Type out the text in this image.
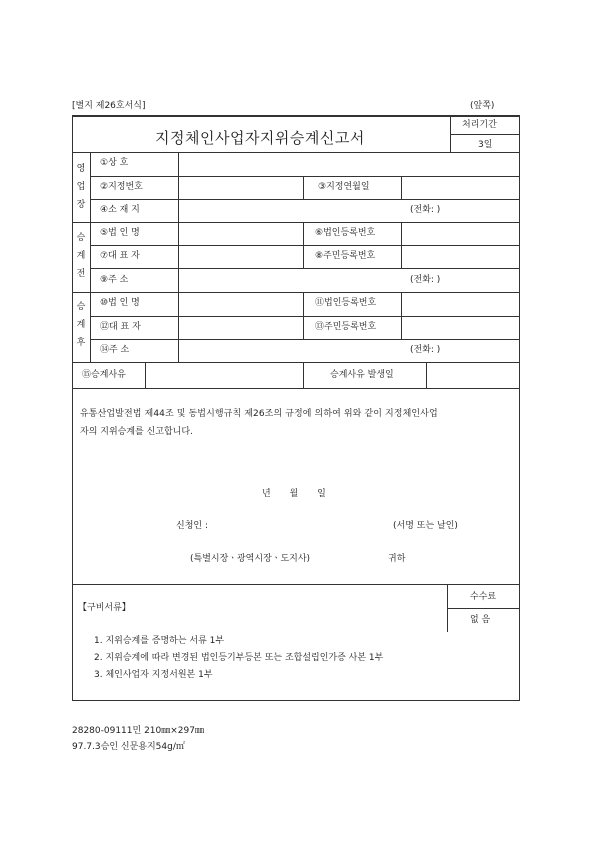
[별지 제26호서식]	(앞쪽)
지정체인사업자지위승계신고서
처리기간
3일
영업장
승계전
승계후
①상 호
②지정번호	③지정연월일
④소 재 지	(전화: )
⑤법 인 명	⑥법인등록번호
⑦대 표 자	⑧주민등록번호
⑨주 소	(전화: )
⑩법 인 명	⑪법인등록번호
⑫대 표 자	⑬주민등록번호
⑭주 소	(전화: )
⑮승계사유	승계사유 발생일
유통산업발전법 제44조 및 동법시행규칙 제26조의 규정에 의하여 위와 같이 지정체인사업
자의 지위승계를 신고합니다.
년 월 일
신청인 :	(서명 또는 날인)
(특별시장ㆍ광역시장ㆍ도지사)	귀하
수수료
없 음
【구비서류】
1. 지위승계를 증명하는 서류 1부
2. 지위승계에 따라 변경된 법인등기부등본 또는 조합설립인가증 사본 1부
3. 체인사업자 지정서원본 1부
28280-09111민 210㎜×297㎜
97.7.3승인 신문용지54g/㎡
